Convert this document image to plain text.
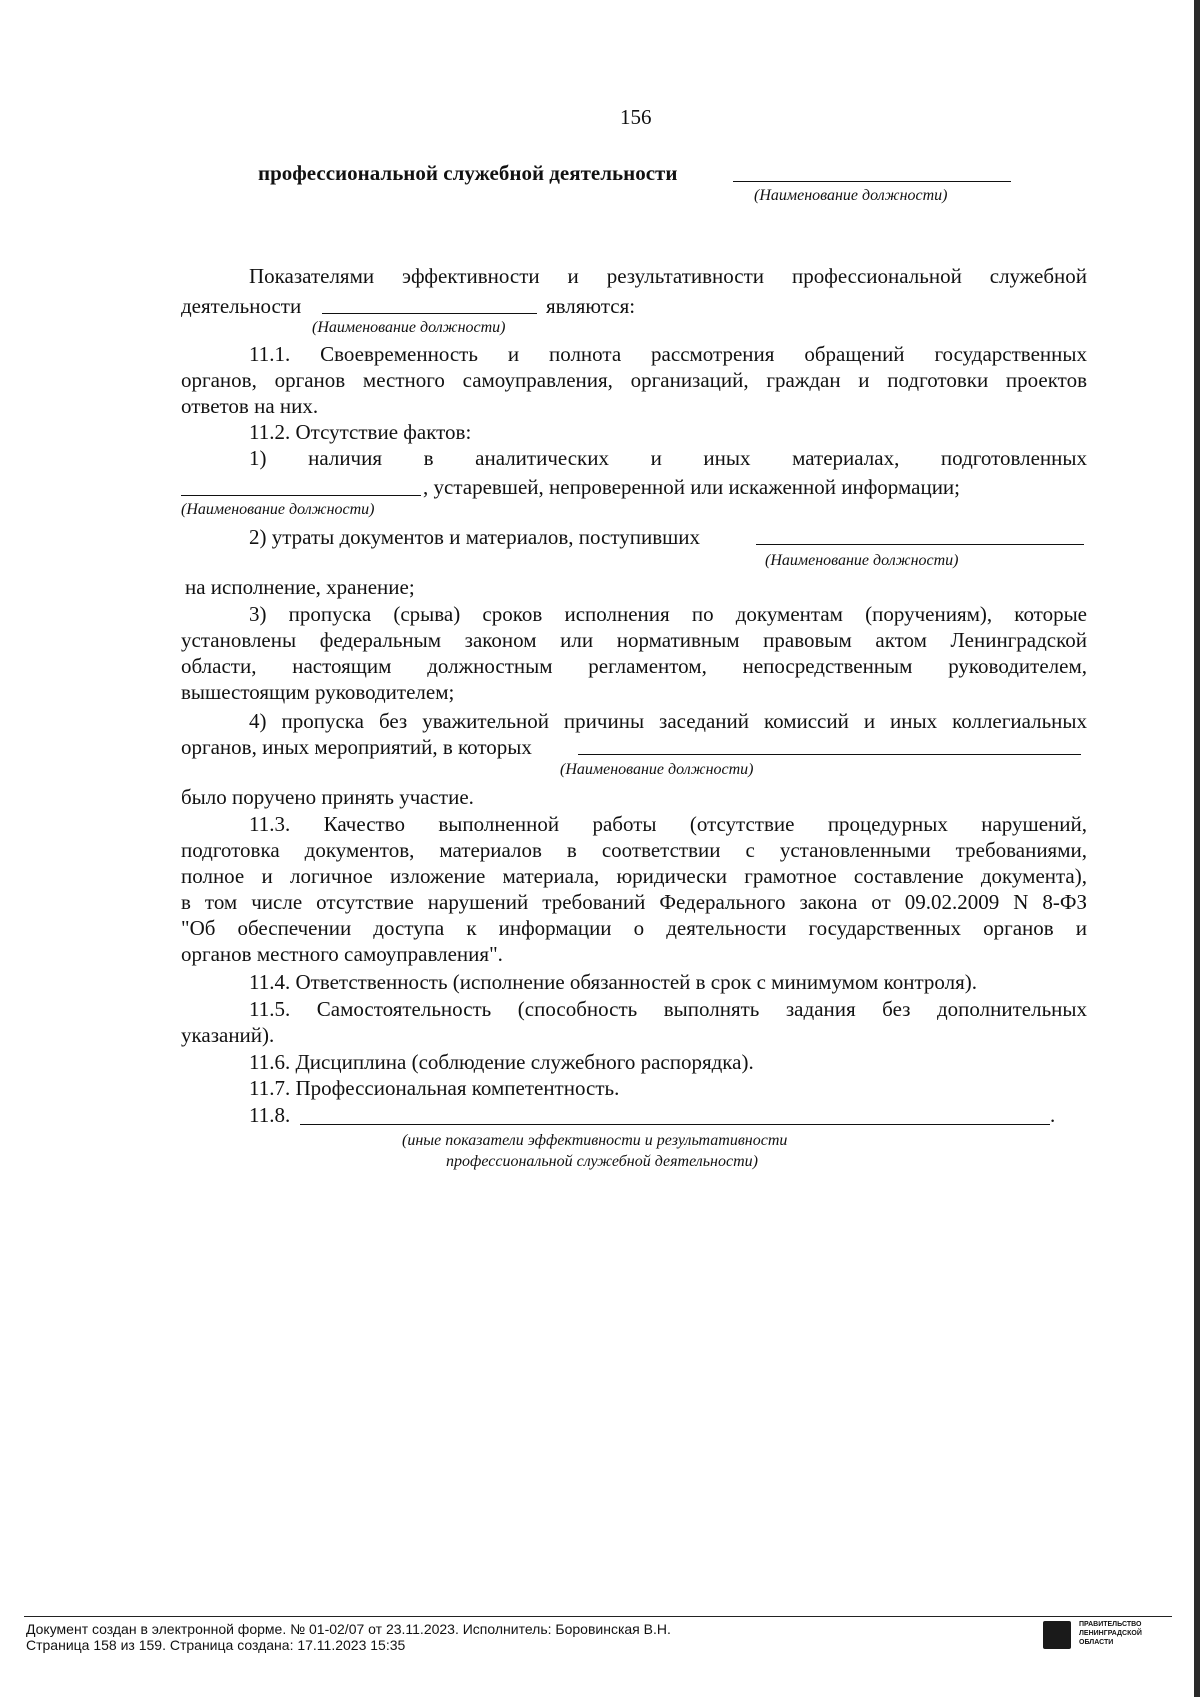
156
профессиональной служебной деятельности
(Наименование должности)
Показателями эффективности и результативности профессиональной служебной
деятельности	являются:
(Наименование должности)
11.1. Своевременность и полнота рассмотрения обращений государственных
органов, органов местного самоуправления, организаций, граждан и подготовки проектов
ответов на них.
11.2. Отсутствие фактов:
1) наличия в аналитических и иных материалах, подготовленных
, устаревшей, непроверенной или искаженной информации;
(Наименование должности)
2) утраты документов и материалов, поступивших
(Наименование должности)
на исполнение, хранение;
3) пропуска (срыва) сроков исполнения по документам (поручениям), которые
установлены федеральным законом или нормативным правовым актом Ленинградской
области, настоящим должностным регламентом, непосредственным руководителем,
вышестоящим руководителем;
4) пропуска без уважительной причины заседаний комиссий и иных коллегиальных
органов, иных мероприятий, в которых
(Наименование должности)
было поручено принять участие.
11.3. Качество выполненной работы (отсутствие процедурных нарушений,
подготовка документов, материалов в соответствии с установленными требованиями,
полное и логичное изложение материала, юридически грамотное составление документа),
в том числе отсутствие нарушений требований Федерального закона от 09.02.2009 N 8-ФЗ
"Об обеспечении доступа к информации о деятельности государственных органов и
органов местного самоуправления".
11.4. Ответственность (исполнение обязанностей в срок с минимумом контроля).
11.5. Самостоятельность (способность выполнять задания без дополнительных
указаний).
11.6. Дисциплина (соблюдение служебного распорядка).
11.7. Профессиональная компетентность.
11.8.	.
(иные показатели эффективности и результативности
профессиональной служебной деятельности)
Документ создан в электронной форме. № 01-02/07 от 23.11.2023. Исполнитель: Боровинская В.Н.
Страница 158 из 159. Страница создана: 17.11.2023 15:35
ПРАВИТЕЛЬСТВО
ЛЕНИНГРАДСКОЙ
ОБЛАСТИ
